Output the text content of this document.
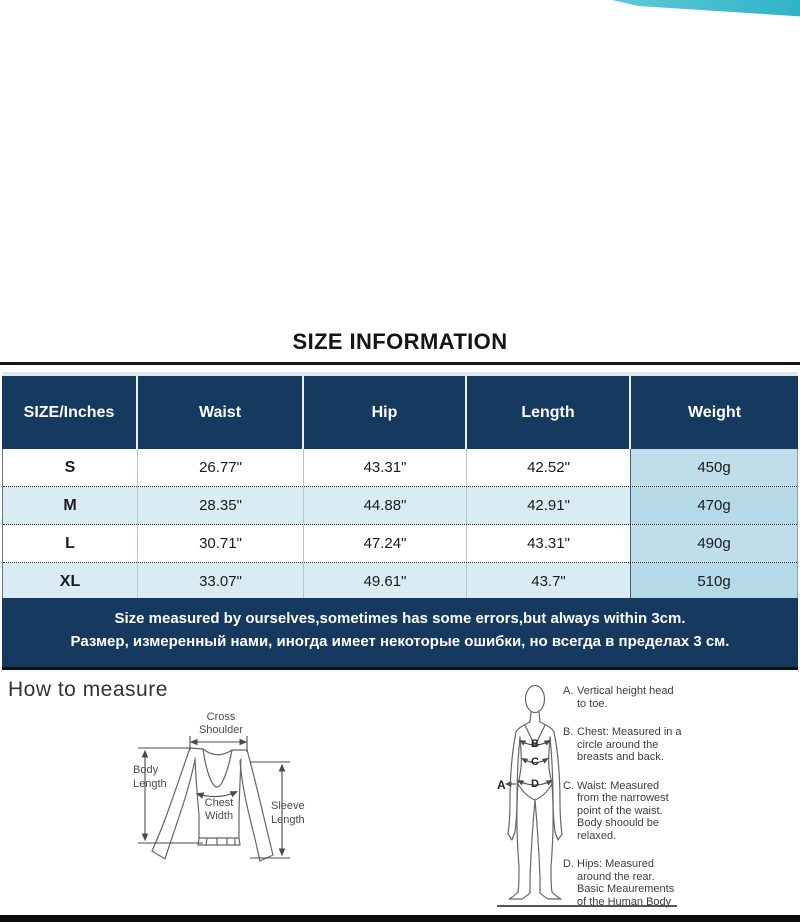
SIZE INFORMATION
SIZE/Inches	Waist	Hip	Length	Weight
S	26.77"	43.31"	42.52"	450g
M	28.35"	44.88"	42.91"	470g
L	30.71"	47.24"	43.31"	490g
XL	33.07"	49.61"	43.7"	510g
Size measured by ourselves,sometimes has some errors,but always within 3cm.
Размер, измеренный нами, иногда имеет некоторые ошибки, но всегда в пределах 3 см.
How to measure
Cross
Shoulder
Body
Length
Chest
Width
Sleeve
Length
B
C
D
A
A. Vertical height head
to toe.
B. Chest: Measured in a
circle around the
breasts and back.
C. Waist: Measured
from the narrowest
point of the waist.
Body shoould be
relaxed.
D. Hips: Measured
around the rear.
Basic Meaurements
of the Human Body
